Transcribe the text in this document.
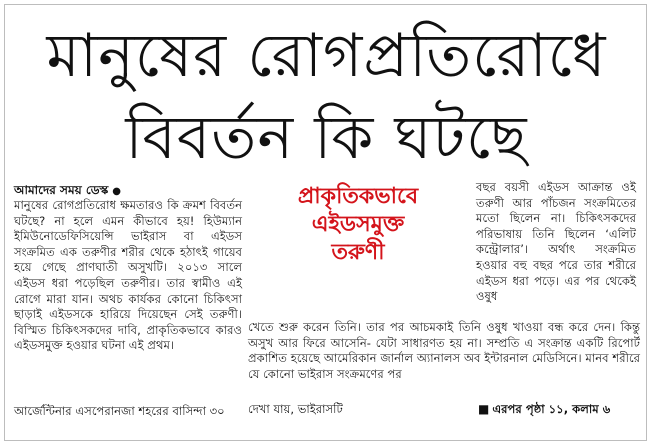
মানুষের রোগপ্রতিরোধে
বিবর্তন কি ঘটছে
আমাদের সময় ডেস্ক ●

মানুষের রোগপ্রতিরোধ ক্ষমতারও কি ক্রমশ বিবর্তন ঘটছে? না হলে এমন কীভাবে হয়! হিউম্যান ইমিউনোডেফিসিয়েন্সি ভাইরাস বা এইডস সংক্রমিত এক তরুণীর শরীর থেকে হঠাৎই গায়েব হয়ে গেছে প্রাণঘাতী অসুখটি। ২০১৩ সালে এইডস ধরা পড়েছিল তরুণীর। তার স্বামীও এই রোগে মারা যান। অথচ কার্যকর কোনো চিকিৎসা ছাড়াই এইডসকে হারিয়ে দিয়েছেন সেই তরুণী। বিস্মিত চিকিৎসকদের দাবি, প্রাকৃতিকভাবে কারও এইডসমুক্ত হওয়ার ঘটনা এই প্রথম।

আর্জেন্টিনার এসপেরানজা শহরের বাসিন্দা ৩০
প্রাকৃতিকভাবে
এইডসমুক্ত
তরুণী

বছর বয়সী এইডস আক্রান্ত ওই তরুণী আর পাঁচজন সংক্রমিতের মতো ছিলেন না। চিকিৎসকদের পরিভাষায় তিনি ছিলেন ‘এলিট কন্ট্রোলার’। অর্থাৎ সংক্রমিত হওয়ার বহু বছর পরে তার শরীরে এইডস ধরা পড়ে। এর পর থেকেই ওষুধ

খেতে শুরু করেন তিনি। তার পর আচমকাই তিনি ওষুধ খাওয়া বন্ধ করে দেন। কিন্তু অসুখ আর ফিরে আসেনি- যেটা সাধারণত হয় না। সম্প্রতি এ সংক্রান্ত একটি রিপোর্ট প্রকাশিত হয়েছে আমেরিকান জার্নাল অ্যানালস অব ইন্টারনাল মেডিসিনে। মানব শরীরে যে কোনো ভাইরাস সংক্রমণের পর

দেখা যায়, ভাইরাসটি	■ এরপর পৃষ্ঠা ১১, কলাম ৬
